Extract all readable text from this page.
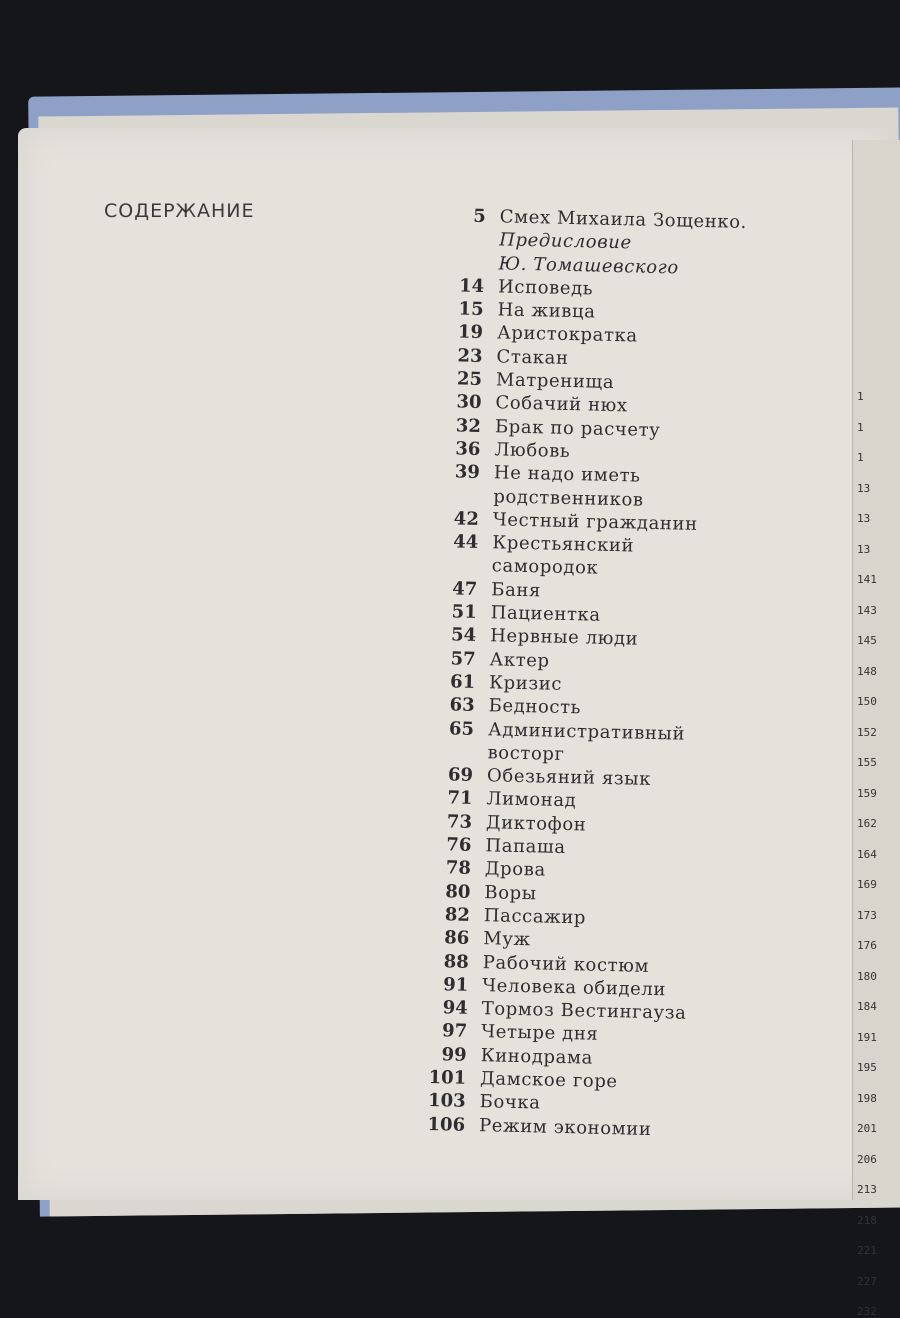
1
1
1
13
13
13
141
143
145
148
150
152
155
159
162
164
169
173
176
180
184
191
195
198
201
206
213
218
221
227
232
СОДЕРЖАНИЕ	5 Смех Михаила Зощенко.
Предисловие
Ю. Томашевского
14 Исповедь
15 На живца
19 Аристократка
23 Стакан
25 Матренища
30 Собачий нюх
32 Брак по расчету
36 Любовь
39 Не надо иметь
родственников
42 Честный гражданин
44 Крестьянский
самородок
47 Баня
51 Пациентка
54 Нервные люди
57 Актер
61 Кризис
63 Бедность
65 Административный
восторг
69 Обезьяний язык
71 Лимонад
73 Диктофон
76 Папаша
78 Дрова
80 Воры
82 Пассажир
86 Муж
88 Рабочий костюм
91 Человека обидели
94 Тормоз Вестингауза
97 Четыре дня
99 Кинодрама
101 Дамское горе
103 Бочка
106 Режим экономии
